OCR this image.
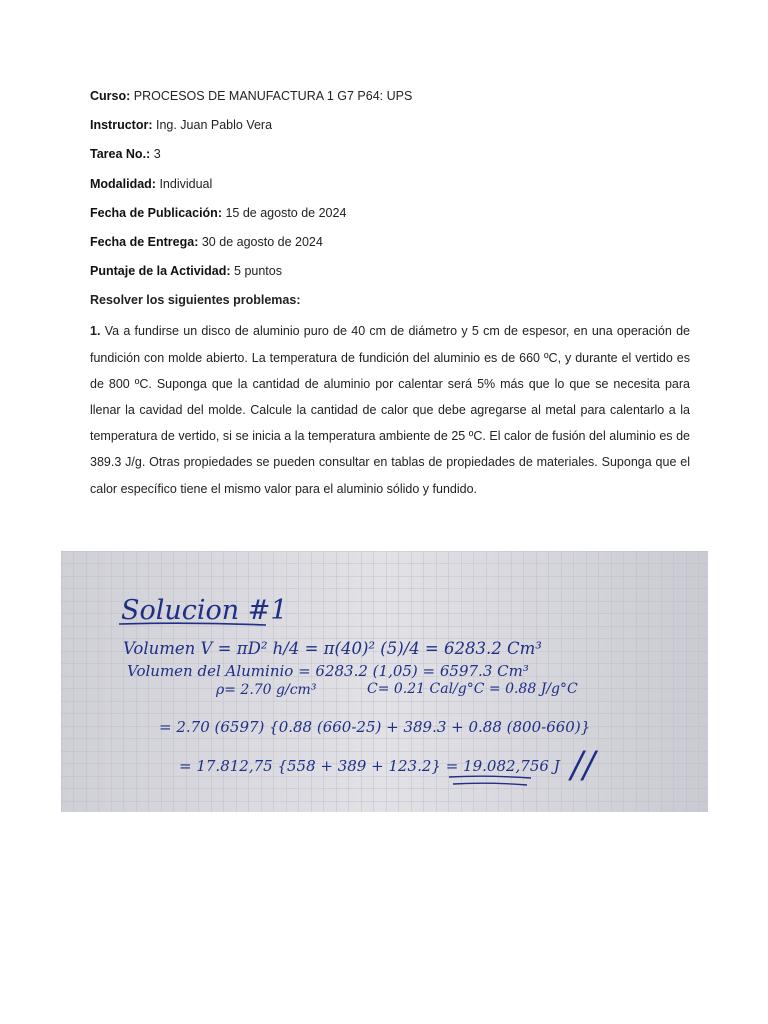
Curso: PROCESOS DE MANUFACTURA 1 G7 P64: UPS

Instructor: Ing. Juan Pablo Vera

Tarea No.: 3

Modalidad: Individual

Fecha de Publicación: 15 de agosto de 2024

Fecha de Entrega: 30 de agosto de 2024

Puntaje de la Actividad: 5 puntos

Resolver los siguientes problemas:

1. Va a fundirse un disco de aluminio puro de 40 cm de diámetro y 5 cm de espesor, en una operación de fundición con molde abierto. La temperatura de fundición del aluminio es de 660 ºC, y durante el vertido es de 800 ºC. Suponga que la cantidad de aluminio por calentar será 5% más que lo que se necesita para llenar la cavidad del molde. Calcule la cantidad de calor que debe agregarse al metal para calentarlo a la temperatura de vertido, si se inicia a la temperatura ambiente de 25 ºC. El calor de fusión del aluminio es de 389.3 J/g. Otras propiedades se pueden consultar en tablas de propiedades de materiales. Suponga que el calor específico tiene el mismo valor para el aluminio sólido y fundido.

Solucion #1
Volumen V = πD² h/4 = π(40)² (5)/4 = 6283.2 Cm³
Volumen del Aluminio = 6283.2 (1,05) = 6597.3 Cm³
ρ= 2.70 g/cm³	C= 0.21 Cal/g°C = 0.88 J/g°C
= 2.70 (6597) {0.88 (660-25) + 389.3 + 0.88 (800-660)}
= 17.812,75 {558 + 389 + 123.2} = 19.082,756 J //
